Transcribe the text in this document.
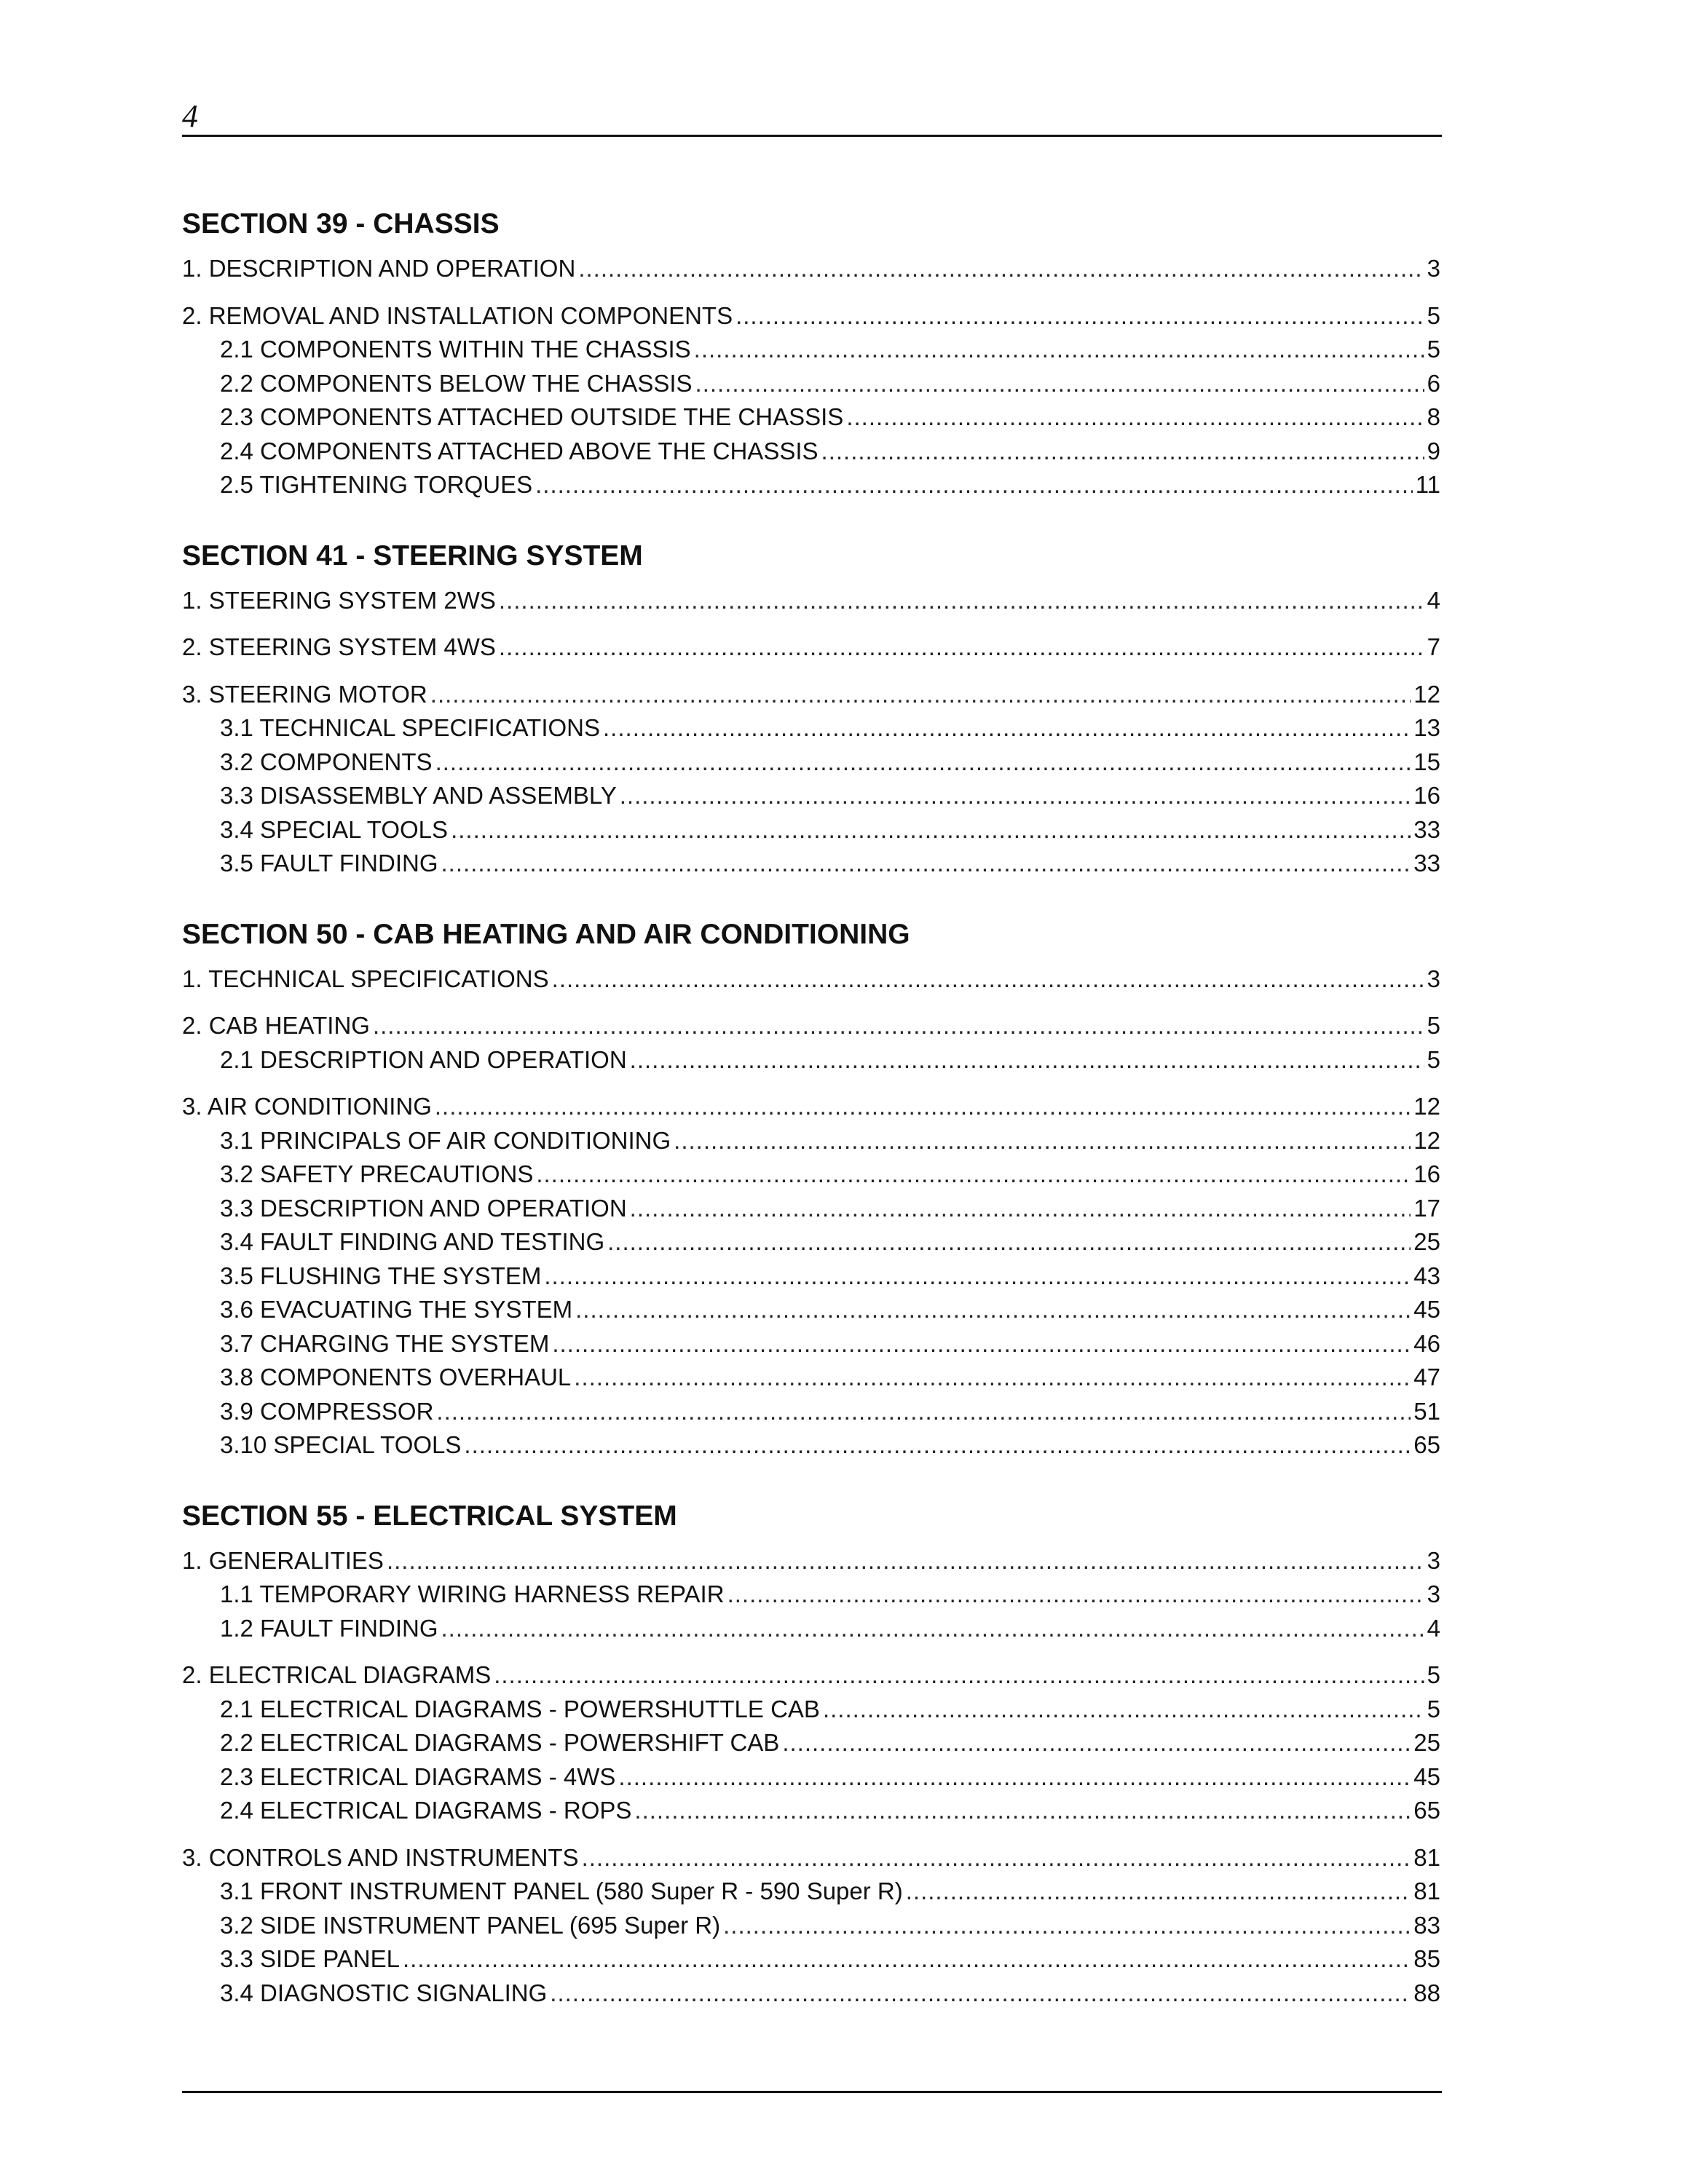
4
SECTION 39 - CHASSIS
1. DESCRIPTION AND OPERATION .....	3
2. REMOVAL AND INSTALLATION COMPONENTS .....	5
2.1 COMPONENTS WITHIN THE CHASSIS .....	5
2.2 COMPONENTS BELOW THE CHASSIS .....	6
2.3 COMPONENTS ATTACHED OUTSIDE THE CHASSIS .....	8
2.4 COMPONENTS ATTACHED ABOVE THE CHASSIS .....	9
2.5 TIGHTENING TORQUES .....	11
SECTION 41 - STEERING SYSTEM
1. STEERING SYSTEM 2WS .....	4
2. STEERING SYSTEM 4WS .....	7
3. STEERING MOTOR .....	12
3.1 TECHNICAL SPECIFICATIONS .....	13
3.2 COMPONENTS .....	15
3.3 DISASSEMBLY AND ASSEMBLY .....	16
3.4 SPECIAL TOOLS .....	33
3.5 FAULT FINDING .....	33
SECTION 50 - CAB HEATING AND AIR CONDITIONING
1. TECHNICAL SPECIFICATIONS .....	3
2. CAB HEATING .....	5
2.1 DESCRIPTION AND OPERATION .....	5
3. AIR CONDITIONING .....	12
3.1 PRINCIPALS OF AIR CONDITIONING .....	12
3.2 SAFETY PRECAUTIONS .....	16
3.3 DESCRIPTION AND OPERATION .....	17
3.4 FAULT FINDING AND TESTING .....	25
3.5 FLUSHING THE SYSTEM .....	43
3.6 EVACUATING THE SYSTEM .....	45
3.7 CHARGING THE SYSTEM .....	46
3.8 COMPONENTS OVERHAUL .....	47
3.9 COMPRESSOR .....	51
3.10 SPECIAL TOOLS .....	65
SECTION 55 - ELECTRICAL SYSTEM
1. GENERALITIES .....	3
1.1 TEMPORARY WIRING HARNESS REPAIR .....	3
1.2 FAULT FINDING .....	4
2. ELECTRICAL DIAGRAMS .....	5
2.1 ELECTRICAL DIAGRAMS - POWERSHUTTLE CAB .....	5
2.2 ELECTRICAL DIAGRAMS - POWERSHIFT CAB .....	25
2.3 ELECTRICAL DIAGRAMS - 4WS .....	45
2.4 ELECTRICAL DIAGRAMS - ROPS .....	65
3. CONTROLS AND INSTRUMENTS .....	81
3.1 FRONT INSTRUMENT PANEL (580 Super R - 590 Super R) .....	81
3.2 SIDE INSTRUMENT PANEL (695 Super R) .....	83
3.3 SIDE PANEL .....	85
3.4 DIAGNOSTIC SIGNALING .....	88
